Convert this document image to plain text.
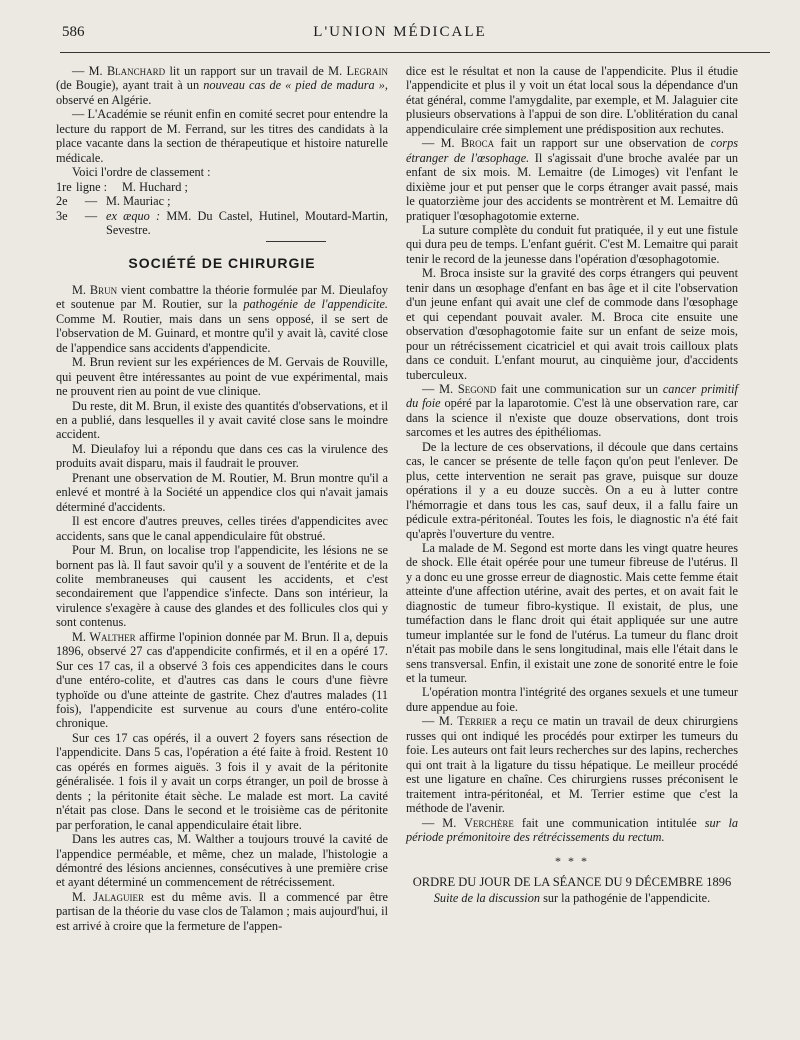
586	L'UNION MÉDICALE

— M. Blanchard lit un rapport sur un travail de M. Legrain (de Bougie), ayant trait à un nouveau cas de « pied de madura », observé en Algérie.

— L'Académie se réunit enfin en comité secret pour entendre la lecture du rapport de M. Ferrand, sur les titres des candidats à la place vacante dans la section de thérapeutique et histoire naturelle médicale.

Voici l'ordre de classement :

1re ligne :	M. Huchard ;
2e	— M. Mauriac ;
3e	— ex æquo : MM. Du Castel, Hutinel, Moutard-Martin, Sevestre.
SOCIÉTÉ DE CHIRURGIE

M. Brun vient combattre la théorie formulée par M. Dieulafoy et soutenue par M. Routier, sur la pathogénie de l'appendicite. Comme M. Routier, mais dans un sens opposé, il se sert de l'observation de M. Guinard, et montre qu'il y avait là, cavité close de l'appendice sans accidents d'appendicite.

M. Brun revient sur les expériences de M. Gervais de Rouville, qui peuvent être intéressantes au point de vue expérimental, mais ne prouvent rien au point de vue clinique.

Du reste, dit M. Brun, il existe des quantités d'observations, et il en a publié, dans lesquelles il y avait cavité close sans le moindre accident.

M. Dieulafoy lui a répondu que dans ces cas la virulence des produits avait disparu, mais il faudrait le prouver.

Prenant une observation de M. Routier, M. Brun montre qu'il a enlevé et montré à la Société un appendice clos qui n'avait jamais déterminé d'accidents.

Il est encore d'autres preuves, celles tirées d'appendicites avec accidents, sans que le canal appendiculaire fût obstrué.

Pour M. Brun, on localise trop l'appendicite, les lésions ne se bornent pas là. Il faut savoir qu'il y a souvent de l'entérite et de la colite membraneuses qui causent les accidents, et c'est secondairement que l'appendice s'infecte. Dans son intérieur, la virulence s'exagère à cause des glandes et des follicules clos qui y sont contenus.

M. Walther affirme l'opinion donnée par M. Brun. Il a, depuis 1896, observé 27 cas d'appendicite confirmés, et il en a opéré 17. Sur ces 17 cas, il a observé 3 fois ces appendicites dans le cours d'une entéro-colite, et d'autres cas dans le cours d'une fièvre typhoïde ou d'une atteinte de gastrite. Chez d'autres malades (11 fois), l'appendicite est survenue au cours d'une entéro-colite chronique.

Sur ces 17 cas opérés, il a ouvert 2 foyers sans résection de l'appendicite. Dans 5 cas, l'opération a été faite à froid. Restent 10 cas opérés en formes aiguës. 3 fois il y avait de la péritonite généralisée. 1 fois il y avait un corps étranger, un poil de brosse à dents ; la péritonite était sèche. Le malade est mort. La cavité n'était pas close. Dans le second et le troisième cas de péritonite par perforation, le canal appendiculaire était libre.

Dans les autres cas, M. Walther a toujours trouvé la cavité de l'appendice perméable, et même, chez un malade, l'histologie a démontré des lésions anciennes, consécutives à une première crise et ayant déterminé un commencement de rétrécissement.

M. Jalaguier est du même avis. Il a commencé par être partisan de la théorie du vase clos de Talamon ; mais aujourd'hui, il est arrivé à croire que la fermeture de l'appen-

dice est le résultat et non la cause de l'appendicite. Plus il étudie l'appendicite et plus il y voit un état local sous la dépendance d'un état général, comme l'amygdalite, par exemple, et M. Jalaguier cite plusieurs observations à l'appui de son dire. L'oblitération du canal appendiculaire crée simplement une prédisposition aux rechutes.

— M. Broca fait un rapport sur une observation de corps étranger de l'œsophage. Il s'agissait d'une broche avalée par un enfant de six mois. M. Lemaitre (de Limoges) vit l'enfant le dixième jour et put penser que le corps étranger avait passé, mais le quatorzième jour des accidents se montrèrent et M. Lemaitre dû pratiquer l'œsophagotomie externe.

La suture complète du conduit fut pratiquée, il y eut une fistule qui dura peu de temps. L'enfant guérit. C'est M. Lemaitre qui parait tenir le record de la jeunesse dans l'opération d'œsophagotomie.

M. Broca insiste sur la gravité des corps étrangers qui peuvent tenir dans un œsophage d'enfant en bas âge et il cite l'observation d'un jeune enfant qui avait une clef de commode dans l'œsophage et qui cependant pouvait avaler. M. Broca cite ensuite une observation d'œsophagotomie faite sur un enfant de seize mois, pour un rétrécissement cicatriciel et qui avait trois cailloux plats dans ce conduit. L'enfant mourut, au cinquième jour, d'accidents tuberculeux.

— M. Segond fait une communication sur un cancer primitif du foie opéré par la laparotomie. C'est là une observation rare, car dans la science il n'existe que douze observations, dont trois sarcomes et les autres des épithéliomas.

De la lecture de ces observations, il découle que dans certains cas, le cancer se présente de telle façon qu'on peut l'enlever. De plus, cette intervention ne serait pas grave, puisque sur douze opérations il y a eu douze succès. On a eu à lutter contre l'hémorragie et dans tous les cas, sauf deux, il a fallu faire un pédicule extra-péritonéal. Toutes les fois, le diagnostic n'a été fait qu'après l'ouverture du ventre.

La malade de M. Segond est morte dans les vingt quatre heures de shock. Elle était opérée pour une tumeur fibreuse de l'utérus. Il y a donc eu une grosse erreur de diagnostic. Mais cette femme était atteinte d'une affection utérine, avait des pertes, et on avait fait le diagnostic de tumeur fibro-kystique. Il existait, de plus, une tuméfaction dans le flanc droit qui était appliquée sur une autre tumeur implantée sur le fond de l'utérus. La tumeur du flanc droit n'était pas mobile dans le sens longitudinal, mais elle l'était dans le sens transversal. Enfin, il existait une zone de sonorité entre le foie et la tumeur.

L'opération montra l'intégrité des organes sexuels et une tumeur dure appendue au foie.

— M. Terrier a reçu ce matin un travail de deux chirurgiens russes qui ont indiqué les procédés pour extirper les tumeurs du foie. Les auteurs ont fait leurs recherches sur des lapins, recherches qui ont trait à la ligature du tissu hépatique. Le meilleur procédé est une ligature en chaîne. Ces chirurgiens russes préconisent le traitement intra-péritonéal, et M. Terrier estime que c'est la méthode de l'avenir.

— M. Verchère fait une communication intitulée sur la période prémonitoire des rétrécissements du rectum.

* * *
ORDRE DU JOUR DE LA SÉANCE DU 9 DÉCEMBRE 1896
Suite de la discussion sur la pathogénie de l'appendicite.
